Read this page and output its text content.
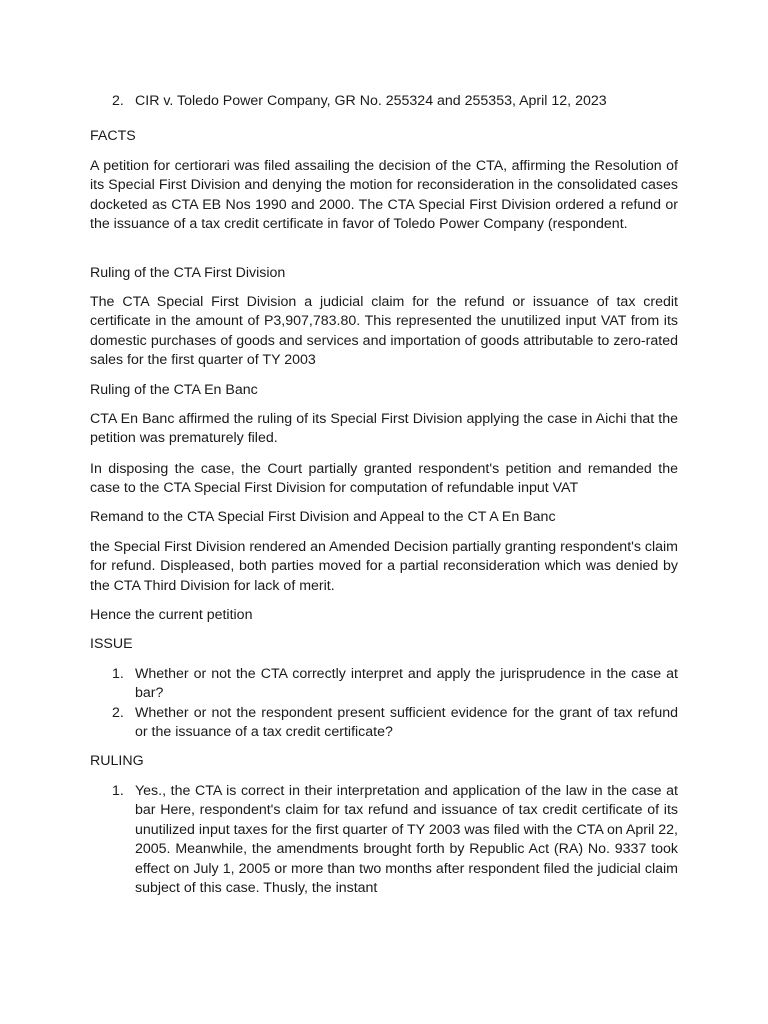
2. CIR v. Toledo Power Company, GR No. 255324 and 255353, April 12, 2023

FACTS

A petition for certiorari was filed assailing the decision of the CTA, affirming the Resolution of its Special First Division and denying the motion for reconsideration in the consolidated cases docketed as CTA EB Nos 1990 and 2000. The CTA Special First Division ordered a refund or the issuance of a tax credit certificate in favor of Toledo Power Company (respondent.

Ruling of the CTA First Division

The CTA Special First Division a judicial claim for the refund or issuance of tax credit certificate in the amount of P3,907,783.80. This represented the unutilized input VAT from its domestic purchases of goods and services and importation of goods attributable to zero-rated sales for the first quarter of TY 2003

Ruling of the CTA En Banc

CTA En Banc affirmed the ruling of its Special First Division applying the case in Aichi that the petition was prematurely filed.

In disposing the case, the Court partially granted respondent's petition and remanded the case to the CTA Special First Division for computation of refundable input VAT

Remand to the CTA Special First Division and Appeal to the CT A En Banc

the Special First Division rendered an Amended Decision partially granting respondent's claim for refund. Displeased, both parties moved for a partial reconsideration which was denied by the CTA Third Division for lack of merit.

Hence the current petition

ISSUE

1. Whether or not the CTA correctly interpret and apply the jurisprudence in the case at bar?

2. Whether or not the respondent present sufficient evidence for the grant of tax refund or the issuance of a tax credit certificate?

RULING

1. Yes., the CTA is correct in their interpretation and application of the law in the case at bar Here, respondent's claim for tax refund and issuance of tax credit certificate of its unutilized input taxes for the first quarter of TY 2003 was filed with the CTA on April 22, 2005. Meanwhile, the amendments brought forth by Republic Act (RA) No. 9337 took effect on July 1, 2005 or more than two months after respondent filed the judicial claim subject of this case. Thusly, the instant
